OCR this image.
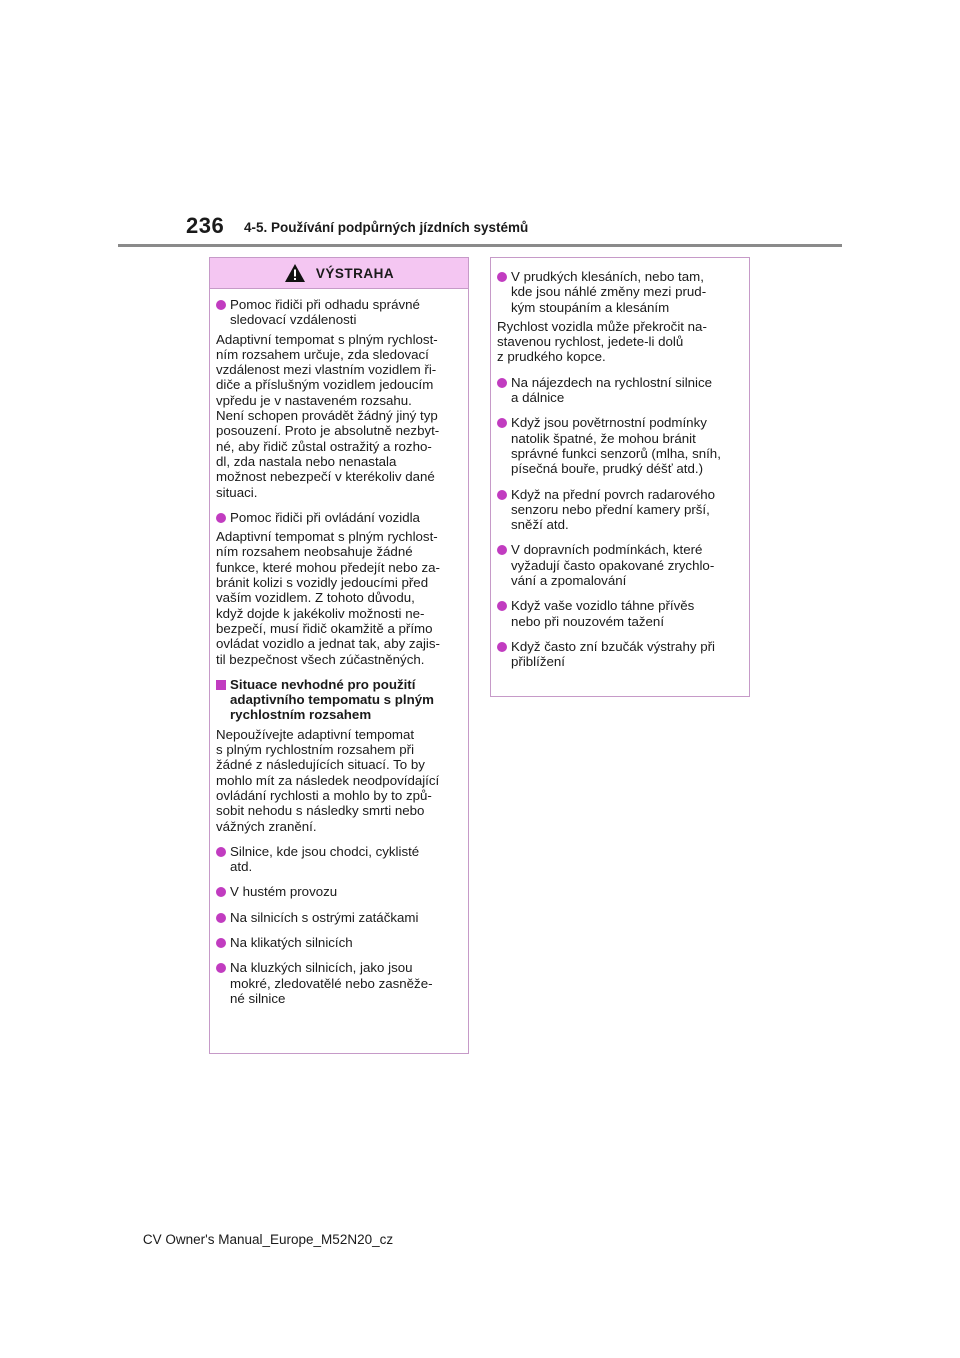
236 4-5. Používání podpůrných jízdních systémů
VÝSTRAHA
Pomoc řidiči při odhadu správné
sledovací vzdálenosti
Adaptivní tempomat s plným rychlost-
ním rozsahem určuje, zda sledovací
vzdálenost mezi vlastním vozidlem ři-
diče a příslušným vozidlem jedoucím
vpředu je v nastaveném rozsahu.
Není schopen provádět žádný jiný typ
posouzení. Proto je absolutně nezbyt-
né, aby řidič zůstal ostražitý a rozho-
dl, zda nastala nebo nenastala
možnost nebezpečí v kterékoliv dané
situaci.
Pomoc řidiči při ovládání vozidla
Adaptivní tempomat s plným rychlost-
ním rozsahem neobsahuje žádné
funkce, které mohou předejít nebo za-
bránit kolizi s vozidly jedoucími před
vaším vozidlem. Z tohoto důvodu,
když dojde k jakékoliv možnosti ne-
bezpečí, musí řidič okamžitě a přímo
ovládat vozidlo a jednat tak, aby zajis-
til bezpečnost všech zúčastněných.
Situace nevhodné pro použití
adaptivního tempomatu s plným
rychlostním rozsahem
Nepoužívejte adaptivní tempomat
s plným rychlostním rozsahem při
žádné z následujících situací. To by
mohlo mít za následek neodpovídající
ovládání rychlosti a mohlo by to způ-
sobit nehodu s následky smrti nebo
vážných zranění.
Silnice, kde jsou chodci, cyklisté
atd.
V hustém provozu
Na silnicích s ostrými zatáčkami
Na klikatých silnicích
Na kluzkých silnicích, jako jsou
mokré, zledovatělé nebo zasněže-
né silnice
V prudkých klesáních, nebo tam,
kde jsou náhlé změny mezi prud-
kým stoupáním a klesáním
Rychlost vozidla může překročit na-
stavenou rychlost, jedete-li dolů
z prudkého kopce.
Na nájezdech na rychlostní silnice
a dálnice
Když jsou povětrnostní podmínky
natolik špatné, že mohou bránit
správné funkci senzorů (mlha, sníh,
písečná bouře, prudký déšť atd.)
Když na přední povrch radarového
senzoru nebo přední kamery prší,
sněží atd.
V dopravních podmínkách, které
vyžadují často opakované zrychlo-
vání a zpomalování
Když vaše vozidlo táhne přívěs
nebo při nouzovém tažení
Když často zní bzučák výstrahy při
přiblížení
CV Owner's Manual_Europe_M52N20_cz
